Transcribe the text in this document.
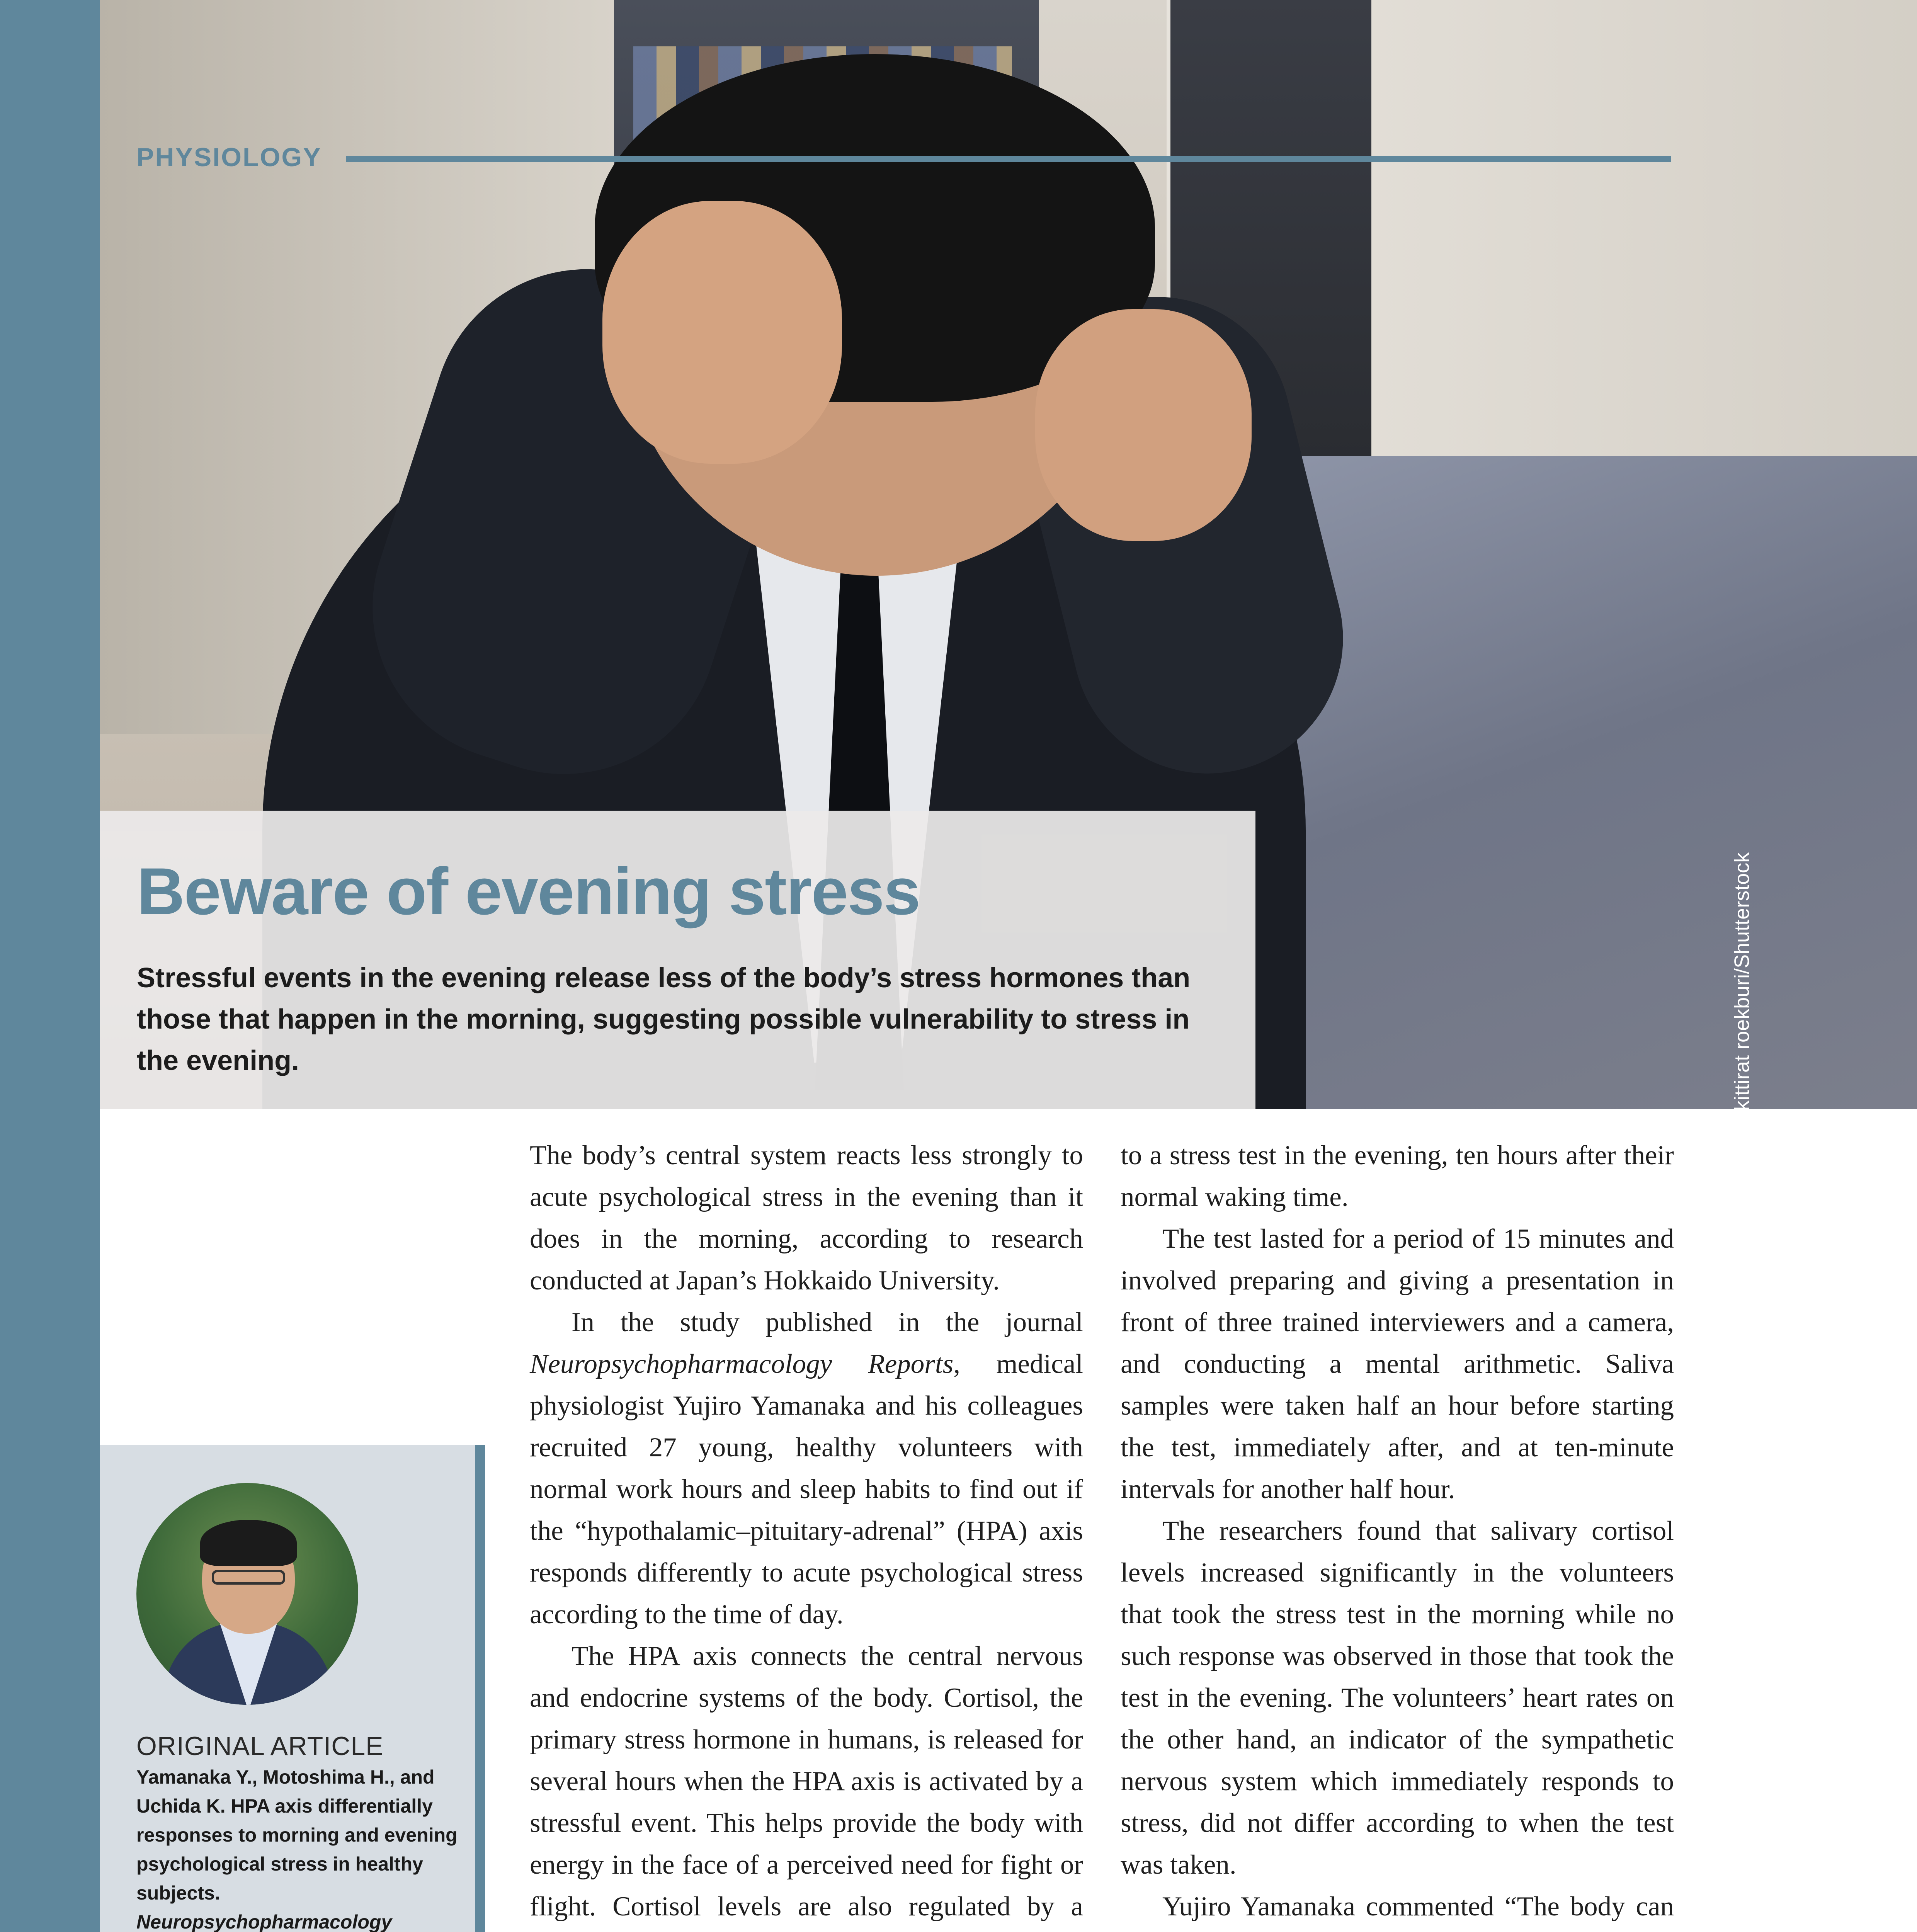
PHYSIOLOGY
kittirat roekburi/Shutterstock
Beware of evening stress

Stressful events in the evening release less of the body’s stress hormones than those that happen in the morning, suggesting possible vulnerability to stress in the evening.

ORIGINAL ARTICLE

Yamanaka Y., Motoshima H., and Uchida K. HPA axis differentially responses to morning and evening psychological stress in healthy subjects.
Neuropsychopharmacology

The body’s central system reacts less strongly to acute psychological stress in the evening than it does in the morning, according to research conducted at Japan’s Hokkaido University.

In the study published in the journal Neuropsychopharmacology Reports, medical physiologist Yujiro Yamanaka and his colleagues recruited 27 young, healthy volunteers with normal work hours and sleep habits to find out if the “hypothalamic–pituitary-adrenal” (HPA) axis responds differently to acute psychological stress according to the time of day.

The HPA axis connects the central nervous and endocrine systems of the body. Cortisol, the primary stress hormone in humans, is released for several hours when the HPA axis is activated by a stressful event. This helps provide the body with energy in the face of a perceived need for fight or flight. Cortisol levels are also regulated by a

to a stress test in the evening, ten hours after their normal waking time.

The test lasted for a period of 15 minutes and involved preparing and giving a presentation in front of three trained interviewers and a camera, and conducting a mental arithmetic. Saliva samples were taken half an hour before starting the test, immediately after, and at ten-minute intervals for another half hour.

The researchers found that salivary cortisol levels increased significantly in the volunteers that took the stress test in the morning while no such response was observed in those that took the test in the evening. The volunteers’ heart rates on the other hand, an indicator of the sympathetic nervous system which immediately responds to stress, did not differ according to when the test was taken.

Yujiro Yamanaka commented “The body can
